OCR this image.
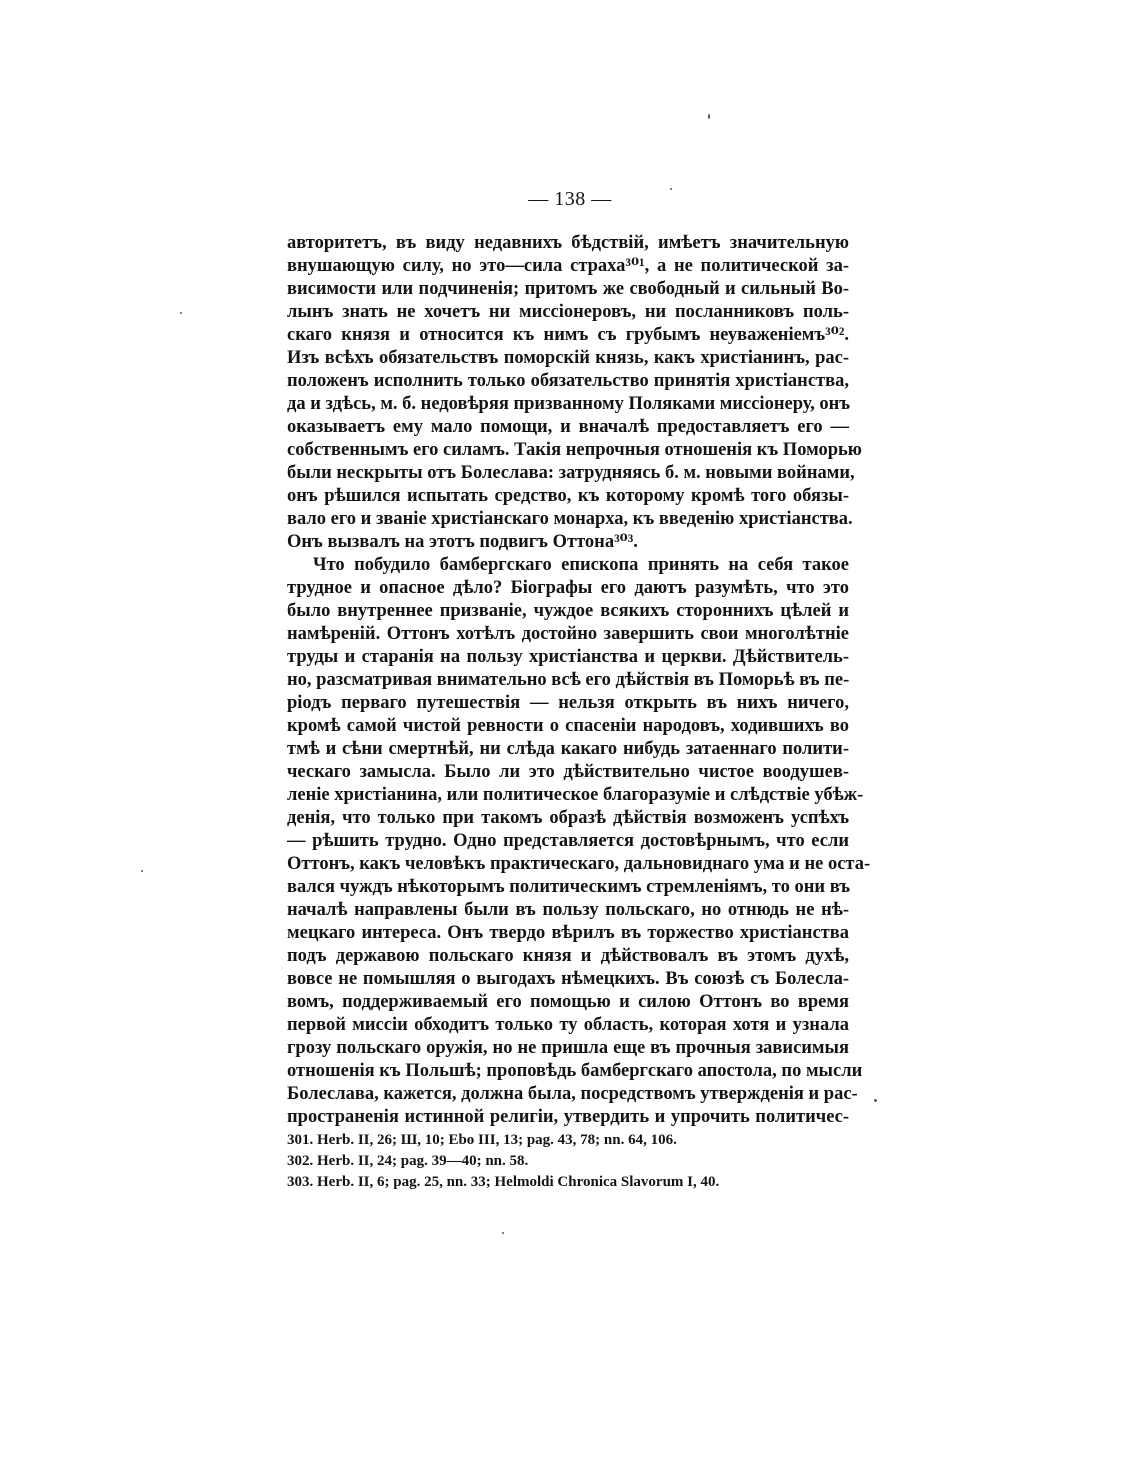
— 138 —
авторитетъ, въ виду недавнихъ бѣдствій, имѣетъ значительную
внушающую силу, но это—сила страха³⁰¹, а не политической за-
висимости или подчиненія; притомъ же свободный и сильный Во-
лынъ знать не хочетъ ни миссіонеровъ, ни посланниковъ поль-
скаго князя и относится къ нимъ съ грубымъ неуваженіемъ³⁰².
Изъ всѣхъ обязательствъ поморскій князь, какъ христіанинъ, рас-
положенъ исполнить только обязательство принятія христіанства,
да и здѣсь, м. б. недовѣряя призванному Поляками миссіонеру, онъ
оказываетъ ему мало помощи, и вначалѣ предоставляетъ его —
собственнымъ его силамъ. Такія непрочныя отношенія къ Поморью
были нескрыты отъ Болеслава: затрудняясь б. м. новыми войнами,
онъ рѣшился испытать средство, къ которому кромѣ того обязы-
вало его и званіе христіанскаго монарха, къ введенію христіанства.
Онъ вызвалъ на этотъ подвигъ Оттона³⁰³.
Что побудило бамбергскаго епископа принять на себя такое
трудное и опасное дѣло? Біографы его даютъ разумѣть, что это
было внутреннее призваніе, чуждое всякихъ стороннихъ цѣлей и
намѣреній. Оттонъ хотѣлъ достойно завершить свои многолѣтніе
труды и старанія на пользу христіанства и церкви. Дѣйствитель-
но, разсматривая внимательно всѣ его дѣйствія въ Поморьѣ въ пе-
ріодъ перваго путешествія — нельзя открыть въ нихъ ничего,
кромѣ самой чистой ревности о спасеніи народовъ, ходившихъ во
тмѣ и сѣни смертнѣй, ни слѣда какаго нибудь затаеннаго полити-
ческаго замысла. Было ли это дѣйствительно чистое воодушев-
леніе христіанина, или политическое благоразуміе и слѣдствіе убѣж-
денія, что только при такомъ образѣ дѣйствія возможенъ успѣхъ
— рѣшить трудно. Одно представляется достовѣрнымъ, что если
Оттонъ, какъ человѣкъ практическаго, дальновиднаго ума и не оста-
вался чуждъ нѣкоторымъ политическимъ стремленіямъ, то они въ
началѣ направлены были въ пользу польскаго, но отнюдь не нѣ-
мецкаго интереса. Онъ твердо вѣрилъ въ торжество христіанства
подъ державою польскаго князя и дѣйствовалъ въ этомъ духѣ,
вовсе не помышляя о выгодахъ нѣмецкихъ. Въ союзѣ съ Болесла-
вомъ, поддерживаемый его помощью и силою Оттонъ во время
первой миссіи обходитъ только ту область, которая хотя и узнала
грозу польскаго оружія, но не пришла еще въ прочныя зависимыя
отношенія къ Польшѣ; проповѣдь бамбергскаго апостола, по мысли
Болеслава, кажется, должна была, посредствомъ утвержденія и рас-
пространенія истинной религіи, утвердить и упрочить политичес-
301. Herb. II, 26; Ш, 10; Ebo III, 13; pag. 43, 78; nn. 64, 106.
302. Herb. II, 24; pag. 39—40; nn. 58.
303. Herb. II, 6; pag. 25, nn. 33; Helmoldi Chronica Slavorum I, 40.
